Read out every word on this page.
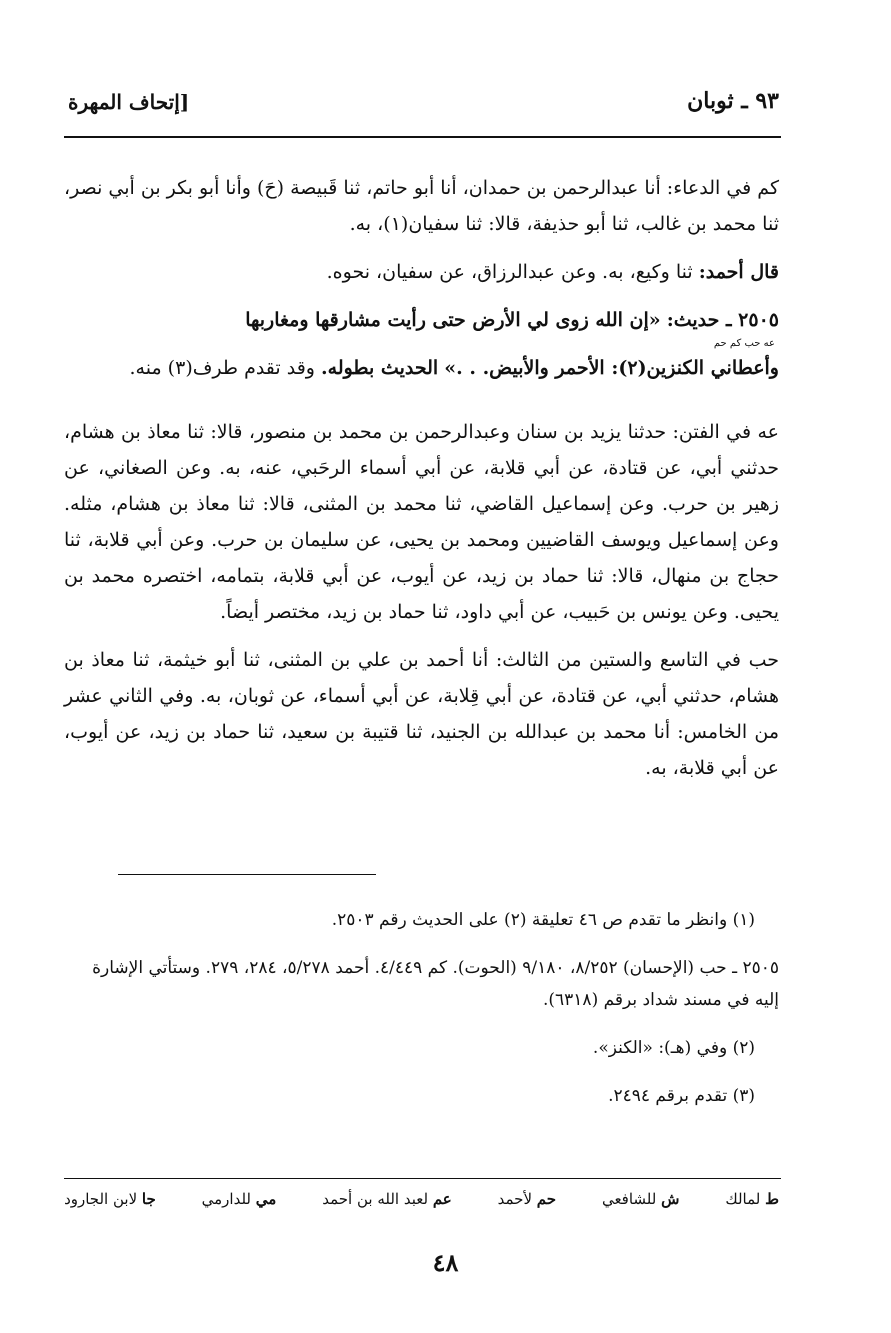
٩٣ ـ ثوبان
[إتحاف المهرة

كم في الدعاء: أنا عبدالرحمن بن حمدان، أنا أبو حاتم، ثنا قَبيصة (حَ) وأنا أبو بكر بن أبي نصر، ثنا محمد بن غالب، ثنا أبو حذيفة، قالا: ثنا سفيان(١)، به.

قال أحمد: ثنا وكيع، به. وعن عبدالرزاق، عن سفيان، نحوه.

٢٥٠٥ ـ حديث: «إن الله زوى لي الأرض حتى رأيت مشارقها ومغاربها
عه حب كم حم
وأعطاني الكنزين(٢): الأحمر والأبيض. . .» الحديث بطوله. وقد تقدم طرف(٣) منه.

عه في الفتن: حدثنا يزيد بن سنان وعبدالرحمن بن محمد بن منصور، قالا: ثنا معاذ بن هشام، حدثني أبي، عن قتادة، عن أبي قلابة، عن أبي أسماء الرحَبي، عنه، به. وعن الصغاني، عن زهير بن حرب. وعن إسماعيل القاضي، ثنا محمد بن المثنى، قالا: ثنا معاذ بن هشام، مثله. وعن إسماعيل ويوسف القاضيين ومحمد بن يحيى، عن سليمان بن حرب. وعن أبي قلابة، ثنا حجاج بن منهال، قالا: ثنا حماد بن زيد، عن أيوب، عن أبي قلابة، بتمامه، اختصره محمد بن يحيى. وعن يونس بن حَبيب، عن أبي داود، ثنا حماد بن زيد، مختصر أيضاً.

حب في التاسع والستين من الثالث: أنا أحمد بن علي بن المثنى، ثنا أبو خيثمة، ثنا معاذ بن هشام، حدثني أبي، عن قتادة، عن أبي قِلابة، عن أبي أسماء، عن ثوبان، به. وفي الثاني عشر من الخامس: أنا محمد بن عبدالله بن الجنيد، ثنا قتيبة بن سعيد، ثنا حماد بن زيد، عن أيوب، عن أبي قلابة، به.

(١) وانظر ما تقدم ص ٤٦ تعليقة (٢) على الحديث رقم ٢٥٠٣.

٢٥٠٥ ـ حب (الإحسان) ٨/٢٥٢، ٩/١٨٠ (الحوت). كم ٤/٤٤٩. أحمد ٥/٢٧٨، ٢٨٤، ٢٧٩. وستأتي الإشارة إليه في مسند شداد برقم (٦٣١٨).

(٢) وفي (هـ): «الكنز».

(٣) تقدم برقم ٢٤٩٤.

ط لمالك
ش للشافعي
حم لأحمد
عم لعبد الله بن أحمد
مي للدارمي
جا لابن الجارود
٤٨
